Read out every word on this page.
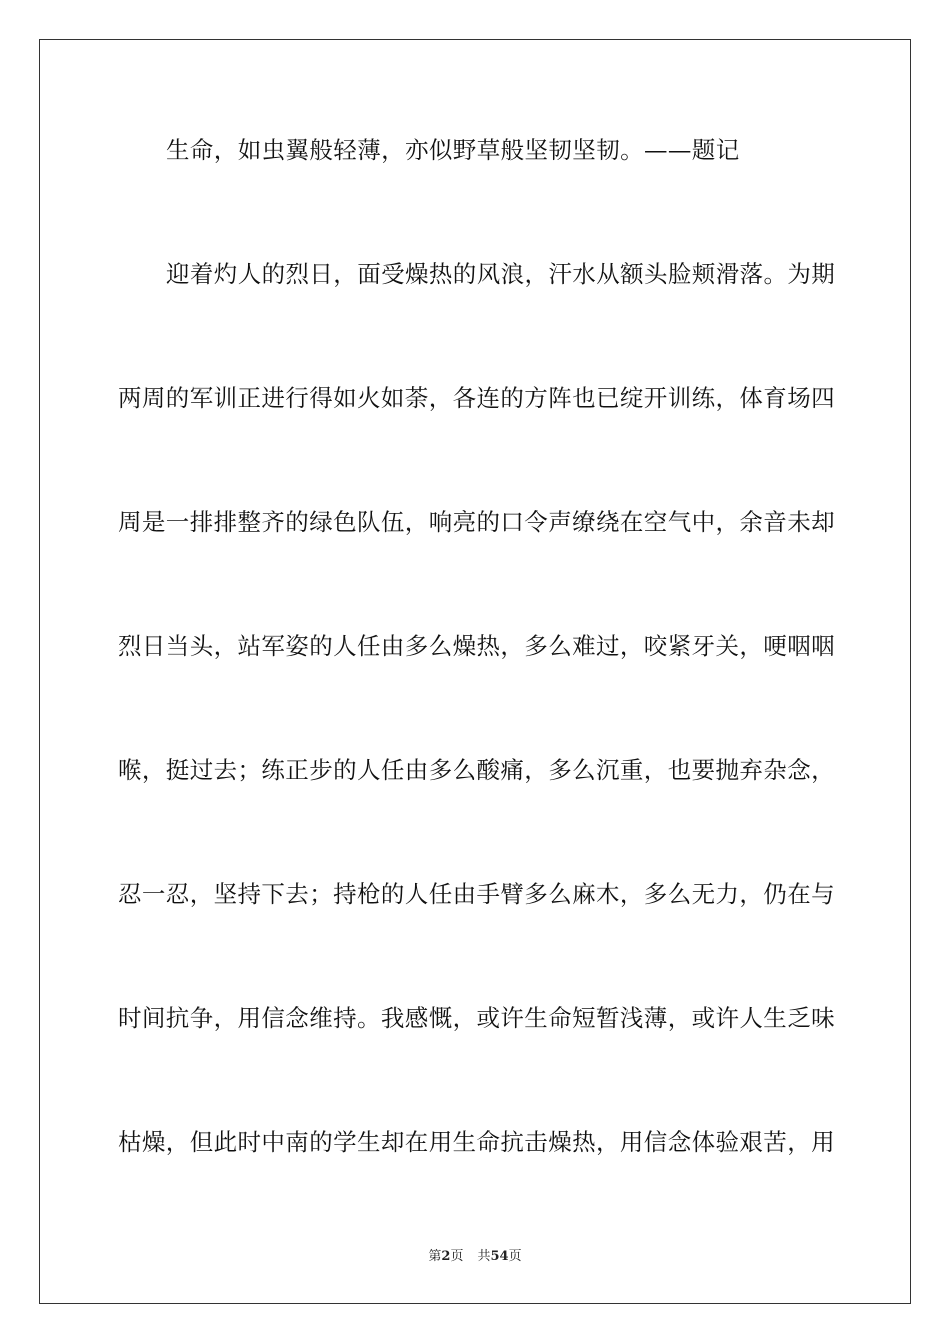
生命，如虫翼般轻薄，亦似野草般坚韧坚韧。——题记
迎着灼人的烈日，面受燥热的风浪，汗水从额头脸颊滑落。为期
两周的军训正进行得如火如荼，各连的方阵也已绽开训练，体育场四
周是一排排整齐的绿色队伍，响亮的口令声缭绕在空气中，余音未却
烈日当头，站军姿的人任由多么燥热，多么难过，咬紧牙关，哽咽咽
喉，挺过去；练正步的人任由多么酸痛，多么沉重，也要抛弃杂念，
忍一忍，坚持下去；持枪的人任由手臂多么麻木，多么无力，仍在与
时间抗争，用信念维持。我感慨，或许生命短暂浅薄，或许人生乏味
枯燥，但此时中南的学生却在用生命抗击燥热，用信念体验艰苦，用
第2页 共54页
